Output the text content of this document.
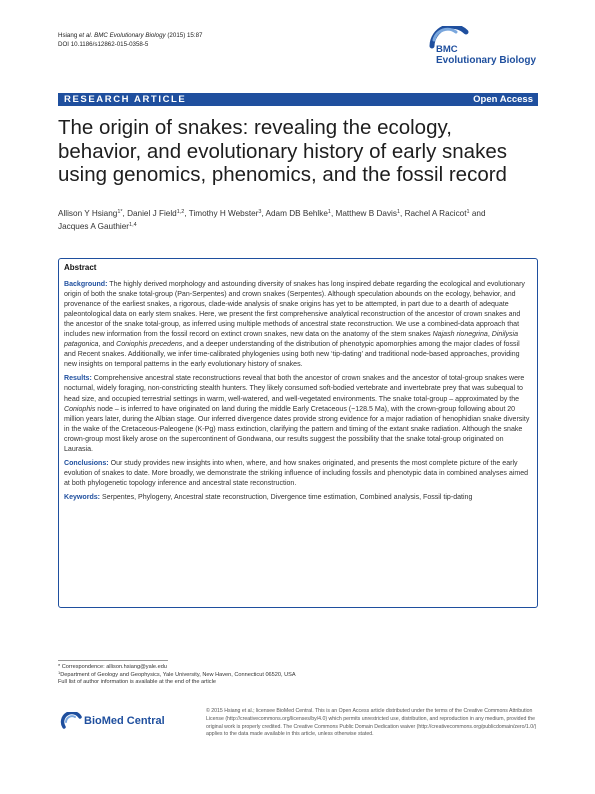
Hsiang et al. BMC Evolutionary Biology (2015) 15:87
DOI 10.1186/s12862-015-0358-5	BMC
Evolutionary Biology
RESEARCH ARTICLE	Open Access
The origin of snakes: revealing the ecology,
behavior, and evolutionary history of early snakes
using genomics, phenomics, and the fossil record
Allison Y Hsiang$^{1*}$, Daniel J Field$^{1,2}$, Timothy H Webster$^3$, Adam DB Behlke$^1$, Matthew B Davis$^1$, Rachel A Racicot$^1$ and Jacques A Gauthier$^{1,4}$
Abstract

Background: The highly derived morphology and astounding diversity of snakes has long inspired debate regarding the ecological and evolutionary origin of both the snake total-group (Pan-Serpentes) and crown snakes (Serpentes). Although speculation abounds on the ecology, behavior, and provenance of the earliest snakes, a rigorous, clade-wide analysis of snake origins has yet to be attempted, in part due to a dearth of adequate paleontological data on early stem snakes. Here, we present the first comprehensive analytical reconstruction of the ancestor of crown snakes and the ancestor of the snake total-group, as inferred using multiple methods of ancestral state reconstruction. We use a combined-data approach that includes new information from the fossil record on extinct crown snakes, new data on the anatomy of the stem snakes Najash rionegrina, Dinilysia patagonica, and Coniophis precedens, and a deeper understanding of the distribution of phenotypic apomorphies among the major clades of fossil and Recent snakes. Additionally, we infer time-calibrated phylogenies using both new ‘tip-dating’ and traditional node-based approaches, providing new insights on temporal patterns in the early evolutionary history of snakes.

Results: Comprehensive ancestral state reconstructions reveal that both the ancestor of crown snakes and the ancestor of total-group snakes were nocturnal, widely foraging, non-constricting stealth hunters. They likely consumed soft-bodied vertebrate and invertebrate prey that was subequal to head size, and occupied terrestrial settings in warm, well-watered, and well-vegetated environments. The snake total-group – approximated by the Coniophis node – is inferred to have originated on land during the middle Early Cretaceous (~128.5 Ma), with the crown-group following about 20 million years later, during the Albian stage. Our inferred divergence dates provide strong evidence for a major radiation of henophidian snake diversity in the wake of the Cretaceous-Paleogene (K-Pg) mass extinction, clarifying the pattern and timing of the extant snake radiation. Although the snake crown-group most likely arose on the supercontinent of Gondwana, our results suggest the possibility that the snake total-group originated on Laurasia.

Conclusions: Our study provides new insights into when, where, and how snakes originated, and presents the most complete picture of the early evolution of snakes to date. More broadly, we demonstrate the striking influence of including fossils and phenotypic data in combined analyses aimed at both phylogenetic topology inference and ancestral state reconstruction.

Keywords: Serpentes, Phylogeny, Ancestral state reconstruction, Divergence time estimation, Combined analysis, Fossil tip-dating

* Correspondence: allison.hsiang@yale.edu
$^1$Department of Geology and Geophysics, Yale University, New Haven, Connecticut 06520, USA
Full list of author information is available at the end of the article
BioMed Central
© 2015 Hsiang et al.; licensee BioMed Central. This is an Open Access article distributed under the terms of the Creative Commons Attribution License (http://creativecommons.org/licenses/by/4.0) which permits unrestricted use, distribution, and reproduction in any medium, provided the original work is properly credited. The Creative Commons Public Domain Dedication waiver (http://creativecommons.org/publicdomain/zero/1.0/) applies to the data made available in this article, unless otherwise stated.
